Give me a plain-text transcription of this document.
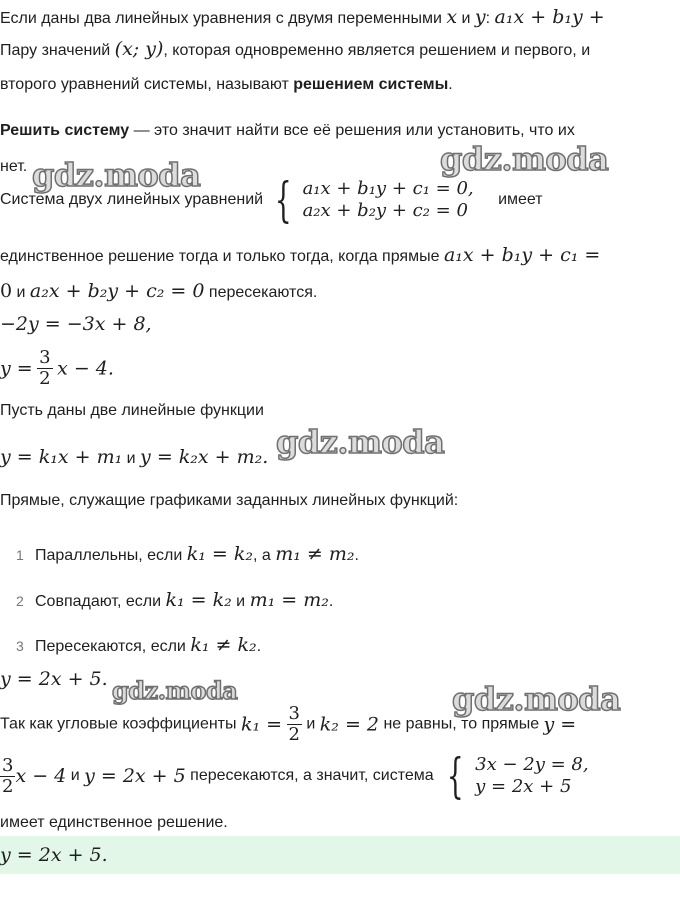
Если даны два линейных уравнения с двумя переменными x и y: a₁x + b₁y +
Пару значений (x; y), которая одновременно является решением и первого, и
второго уравнений системы, называют решением системы.
Решить систему — это значит найти все её решения или установить, что их
нет.
Система двух линейных уравнений { a₁x + b₁y + c₁ = 0,
a₂x + b₂y + c₂ = 0
имеет
единственное решение тогда и только тогда, когда прямые a₁x + b₁y + c₁ =
0 и a₂x + b₂y + c₂ = 0 пересекаются.
−2y = −3x + 8,
$y = \frac{3}{2}$ x − 4.
Пусть даны две линейные функции
y = k₁x + m₁ и y = k₂x + m₂.
Прямые, служащие графиками заданных линейных функций:
1 Параллельны, если k₁ = k₂, а m₁ ≠ m₂.
2 Совпадают, если k₁ = k₂ и m₁ = m₂.
3 Пересекаются, если k₁ ≠ k₂.
y = 2x + 5.
Так как угловые коэффициенты $k_1 = \frac{3}{2}$ и k₂ = 2 не равны, то прямые y =
$\frac{3}{2}$ x − 4 и y = 2x + 5 пересекаются, а значит, система { 3x − 2y = 8,
y = 2x + 5
имеет единственное решение.
y = 2x + 5.
gdz.moda	gdz.moda
gdz.moda
gdz.moda	gdz.moda
